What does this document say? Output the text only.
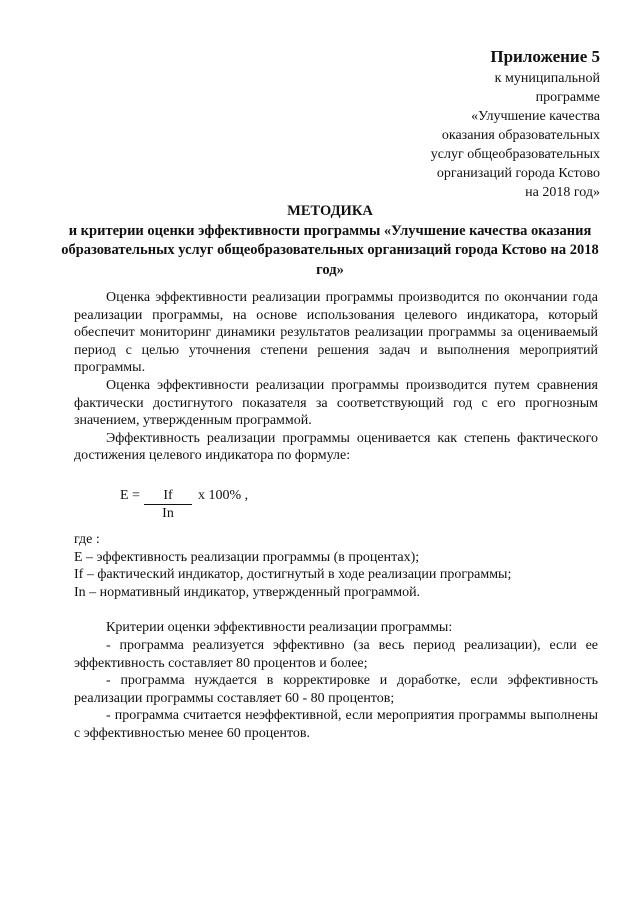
Приложение 5
к муниципальной
программе
«Улучшение качества
оказания образовательных
услуг общеобразовательных
организаций города Кстово
на 2018 год»
МЕТОДИКА
и критерии оценки эффективности программы «Улучшение качества оказания образовательных услуг общеобразовательных организаций города Кстово на 2018 год»

Оценка эффективности реализации программы производится по окончании года реализации программы, на основе использования целевого индикатора, который обеспечит мониторинг динамики результатов реализации программы за оцениваемый период с целью уточнения степени решения задач и выполнения мероприятий программы.

Оценка эффективности реализации программы производится путем сравнения фактически достигнутого показателя за соответствующий год с его прогнозным значением, утвержденным программой.

Эффективность реализации программы оценивается как степень фактического достижения целевого индикатора по формуле:

E =	If	x 100% ,
In

где :

E – эффективность реализации программы (в процентах);

If – фактический индикатор, достигнутый в ходе реализации программы;

In – нормативный индикатор, утвержденный программой.

Критерии оценки эффективности реализации программы:

- программа реализуется эффективно (за весь период реализации), если ее эффективность составляет 80 процентов и более;

- программа нуждается в корректировке и доработке, если эффективность реализации программы составляет 60 - 80 процентов;

- программа считается неэффективной, если мероприятия программы выполнены с эффективностью менее 60 процентов.
